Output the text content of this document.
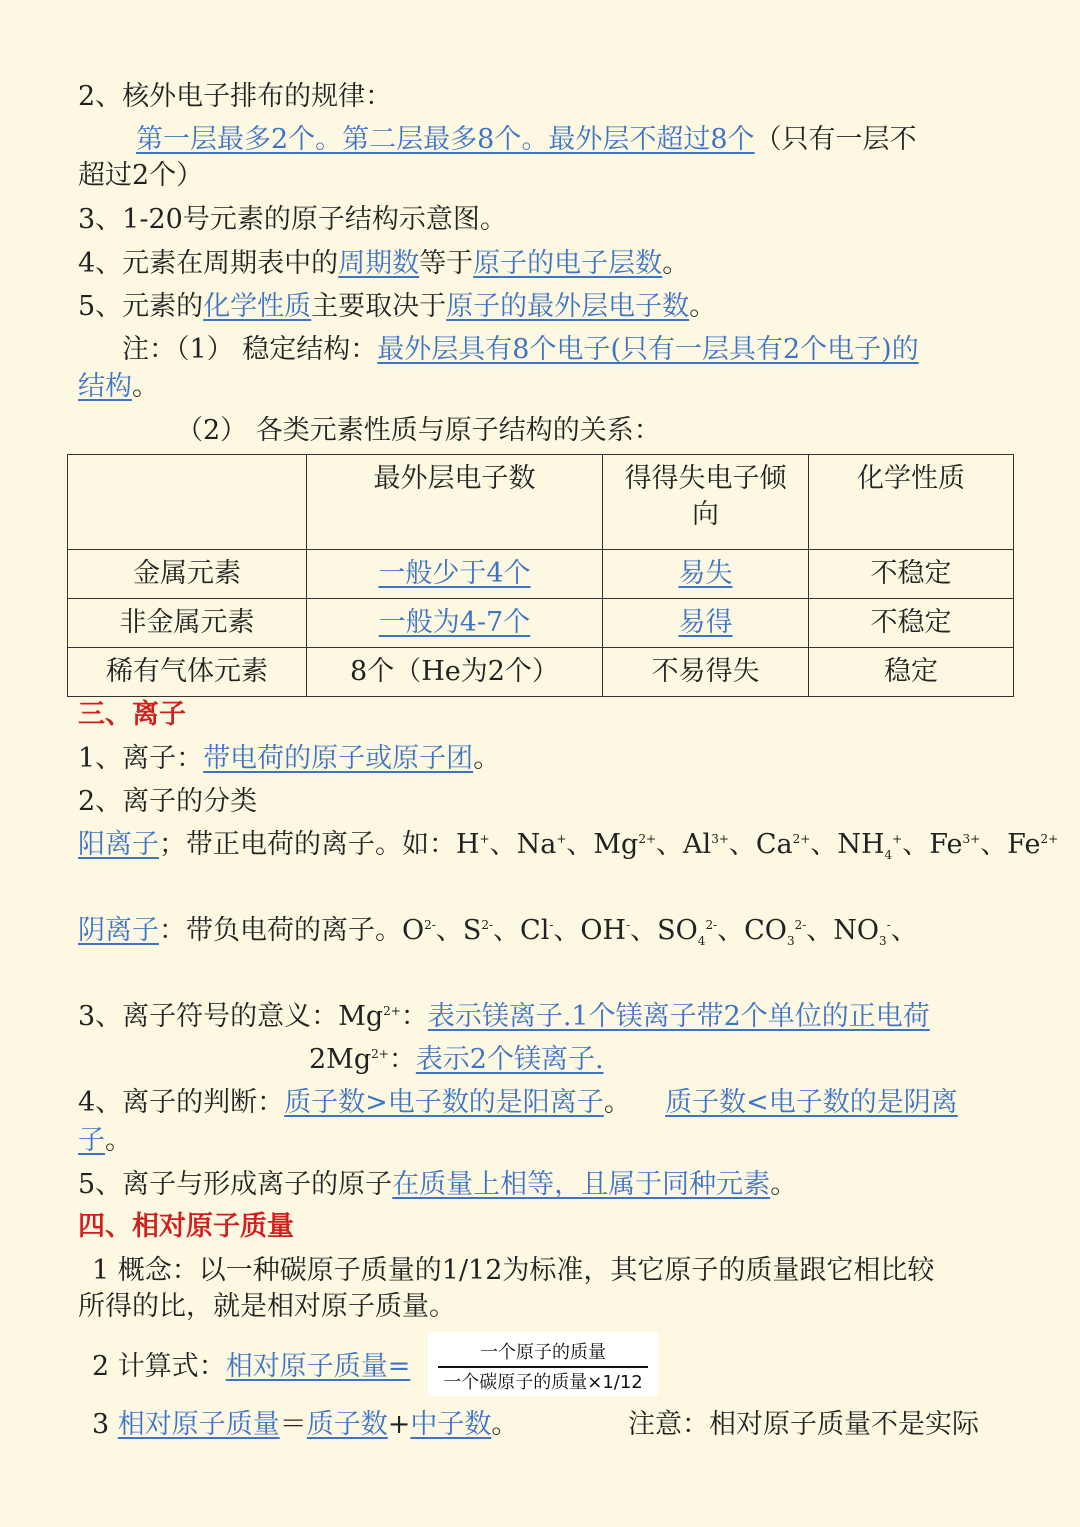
2、核外电子排布的规律：
第一层最多2个。第二层最多8个。最外层不超过8个（只有一层不
超过2个）
3、1-20号元素的原子结构示意图。
4、元素在周期表中的周期数等于原子的电子层数。
5、元素的化学性质主要取决于原子的最外层电子数。
注：（1） 稳定结构：最外层具有8个电子(只有一层具有2个电子)的
结构。
（2） 各类元素性质与原子结构的关系：
	最外层电子数	得得失电子倾向	化学性质
金属元素	一般少于4个	易失	不稳定
非金属元素	一般为4-7个	易得	不稳定
稀有气体元素	8个（He为2个）	不易得失	稳定
三、离子
1、离子：带电荷的原子或原子团。
2、离子的分类
阳离子；带正电荷的离子。如：H+、Na+、$Mg^{2+}$、$Al^{3+}$、$Ca^{2+}$、$NH_4^+$、$Fe^{3+}$、$Fe^{2+}$
阴离子：带负电荷的离子。$O^{2-}$、$S^{2-}$、Cl-、OH-、$SO_4^{2-}$、$CO_3^{2-}$、$NO_3^-$、
3、离子符号的意义：$Mg^{2+}$：表示镁离子.1个镁离子带2个单位的正电荷
$2Mg^{2+}$：表示2个镁离子.
4、离子的判断：质子数>电子数的是阳离子。    质子数<电子数的是阴离
子。
5、离子与形成离子的原子在质量上相等，且属于同种元素。
四、相对原子质量
1 概念：以一种碳原子质量的1/12为标准，其它原子的质量跟它相比较
所得的比，就是相对原子质量。
2 计算式：相对原子质量=	一个原子的质量
一个碳原子的质量×1/12
3 相对原子质量＝质子数+中子数。	注意：相对原子质量不是实际
